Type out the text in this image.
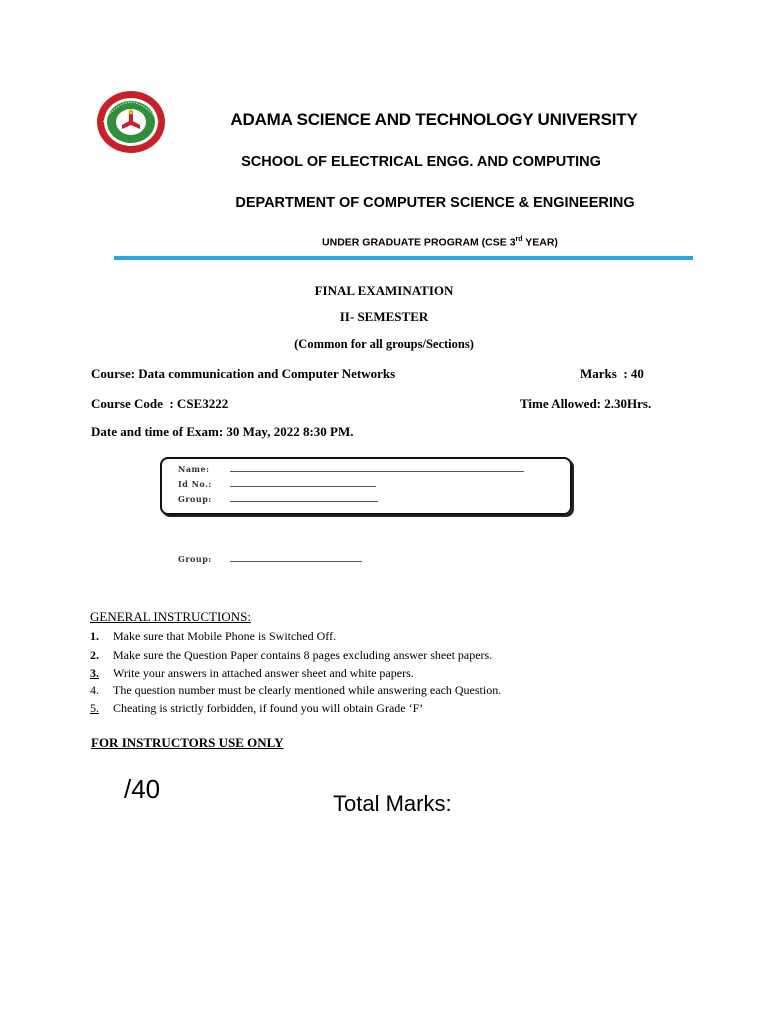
ADAMA SCIENCE AND TECHNOLOGY UNIVERSITY
SCHOOL OF ELECTRICAL ENGG. AND COMPUTING
DEPARTMENT OF COMPUTER SCIENCE & ENGINEERING
UNDER GRADUATE PROGRAM (CSE 3rd YEAR)
FINAL EXAMINATION
II- SEMESTER
(Common for all groups/Sections)
Course: Data communication and Computer Networks	Marks  : 40
Course Code  : CSE3222	Time Allowed: 2.30Hrs.
Date and time of Exam: 30 May, 2022 8:30 PM.
Name:
Id No.:
Group:
Group:
GENERAL INSTRUCTIONS:
1. Make sure that Mobile Phone is Switched Off.
2. Make sure the Question Paper contains 8 pages excluding answer sheet papers.
3. Write your answers in attached answer sheet and white papers.
4. The question number must be clearly mentioned while answering each Question.
5. Cheating is strictly forbidden, if found you will obtain Grade ‘F’
FOR INSTRUCTORS USE ONLY
/40	Total Marks:
